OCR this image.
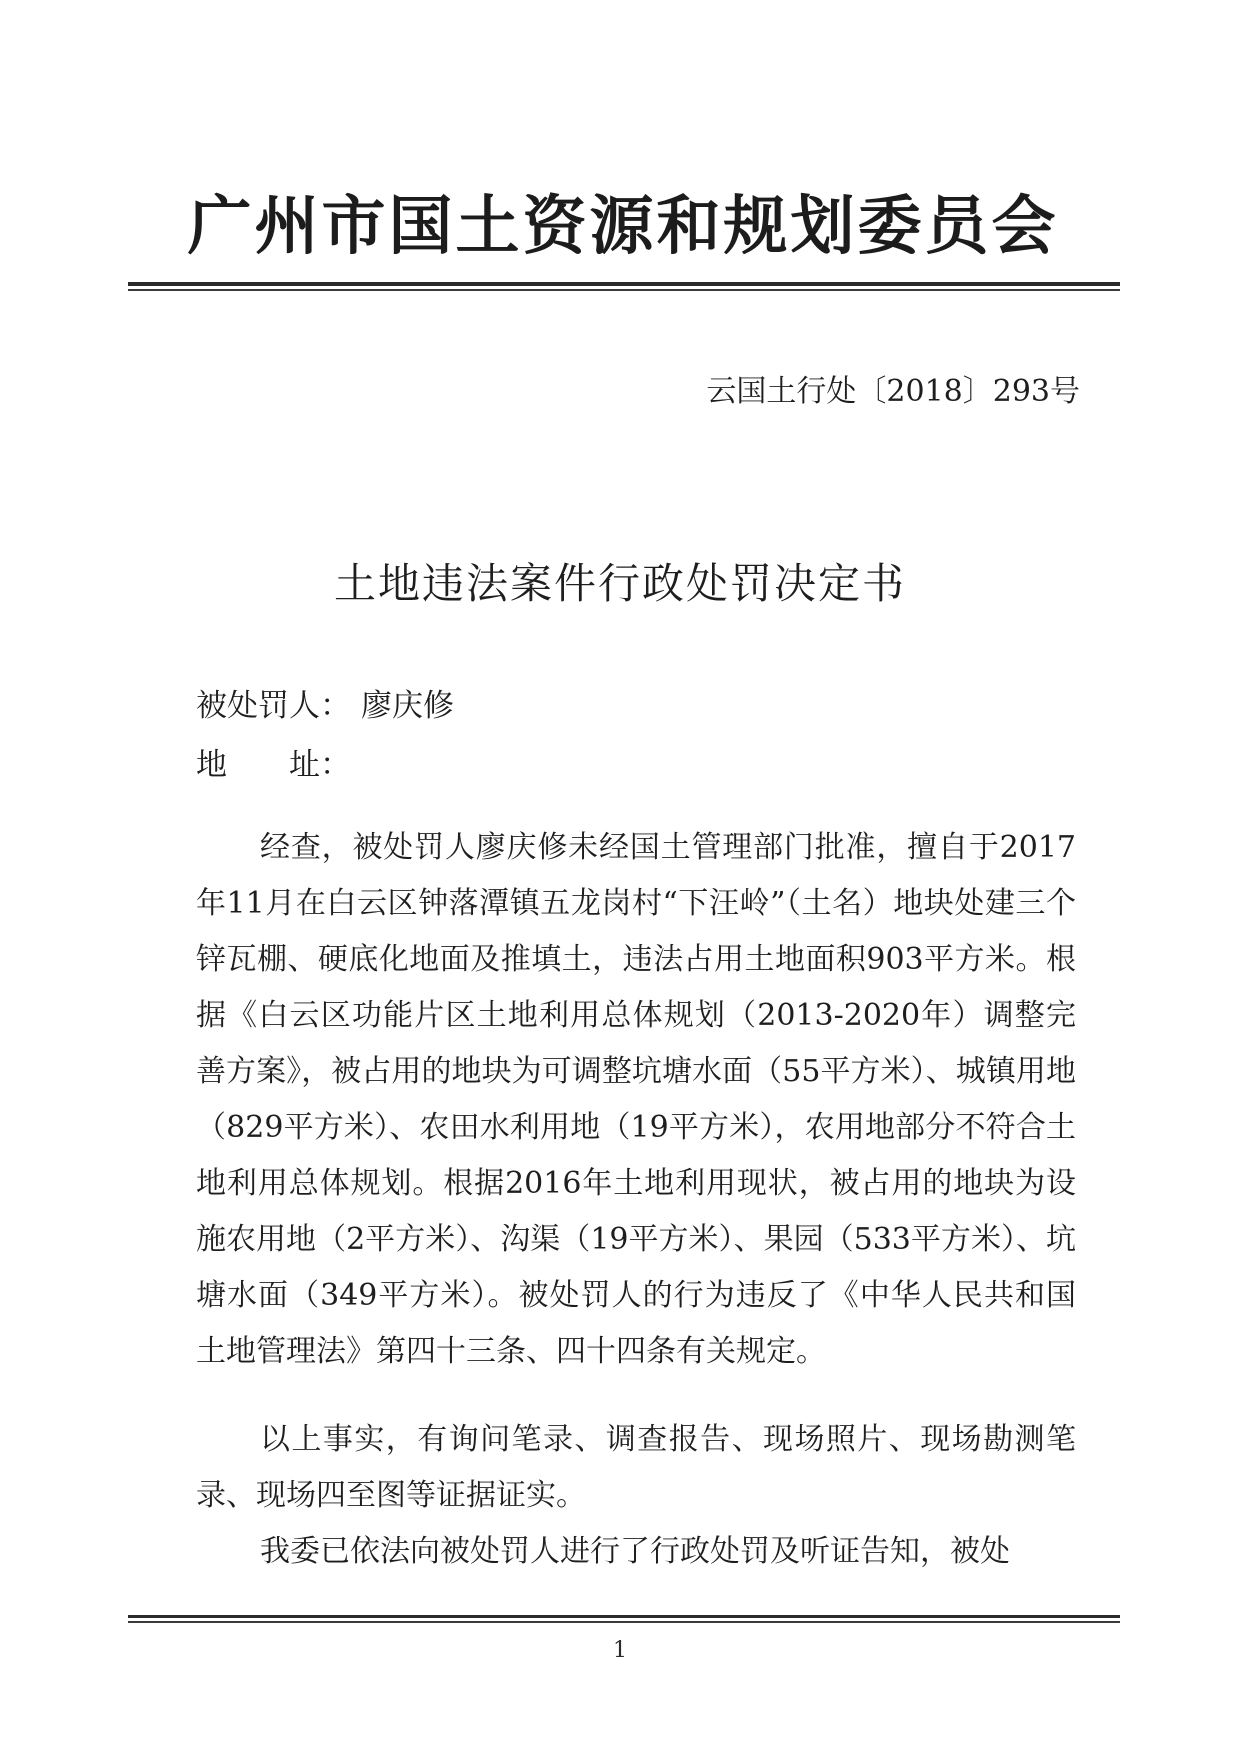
广州市国土资源和规划委员会
云国土行处〔2018〕293号
土地违法案件行政处罚决定书
被处罚人： 廖庆修
地　　址：

经查，被处罚人廖庆修未经国土管理部门批准，擅自于2017年11月在白云区钟落潭镇五龙岗村“下汪岭”（土名）地块处建三个锌瓦棚、硬底化地面及推填土，违法占用土地面积903平方米。根据《白云区功能片区土地利用总体规划（2013-2020年）调整完善方案》，被占用的地块为可调整坑塘水面（55平方米）、城镇用地（829平方米）、农田水利用地（19平方米），农用地部分不符合土地利用总体规划。根据2016年土地利用现状，被占用的地块为设施农用地（2平方米）、沟渠（19平方米）、果园（533平方米）、坑塘水面（349平方米）。被处罚人的行为违反了《中华人民共和国土地管理法》第四十三条、四十四条有关规定。

以上事实，有询问笔录、调查报告、现场照片、现场勘测笔录、现场四至图等证据证实。

我委已依法向被处罚人进行了行政处罚及听证告知，被处

1
